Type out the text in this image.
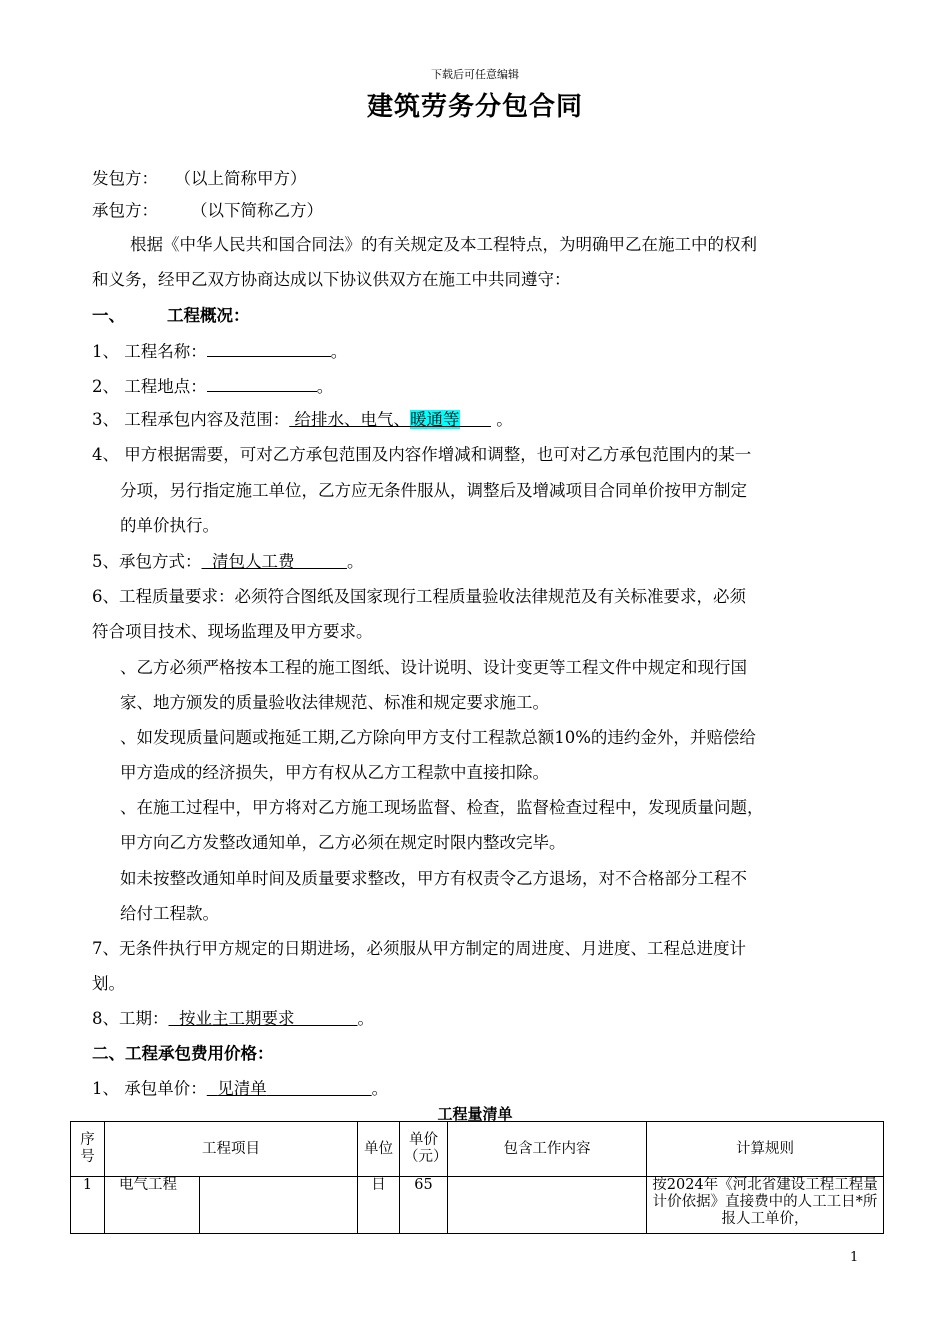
下载后可任意编辑
建筑劳务分包合同
发包方：　　（以上简称甲方）
承包方：　　　（以下简称乙方）
根据《中华人民共和国合同法》的有关规定及本工程特点，为明确甲乙在施工中的权利
和义务，经甲乙双方协商达成以下协议供双方在施工中共同遵守：
一、	工程概况：
1、 工程名称：	。
2、 工程地点：	。
3、 工程承包内容及范围： 给排水、电气、暖通等 。
4、 甲方根据需要，可对乙方承包范围及内容作增减和调整，也可对乙方承包范围内的某一
分项，另行指定施工单位，乙方应无条件服从，调整后及增减项目合同单价按甲方制定
的单价执行。
5、承包方式： 清包人工费	。
6、工程质量要求：必须符合图纸及国家现行工程质量验收法律规范及有关标准要求，必须
符合项目技术、现场监理及甲方要求。
、乙方必须严格按本工程的施工图纸、设计说明、设计变更等工程文件中规定和现行国
家、地方颁发的质量验收法律规范、标准和规定要求施工。
、如发现质量问题或拖延工期,乙方除向甲方支付工程款总额10%的违约金外，并赔偿给
甲方造成的经济损失，甲方有权从乙方工程款中直接扣除。
、在施工过程中，甲方将对乙方施工现场监督、检查，监督检查过程中，发现质量问题，
甲方向乙方发整改通知单，乙方必须在规定时限内整改完毕。
如未按整改通知单时间及质量要求整改，甲方有权责令乙方退场，对不合格部分工程不
给付工程款。
7、无条件执行甲方规定的日期进场，必须服从甲方制定的周进度、月进度、工程总进度计
划。
8、工期： 按业主工期要求	。
二、工程承包费用价格：
1、 承包单价： 见清单	。
工程量清单
序号	工程项目		单位	单价（元）	包含工作内容	计算规则
1	电气工程		日	65		按2024年《河北省建设工程工程量计价依据》直接费中的人工工日*所报人工单价，
1
